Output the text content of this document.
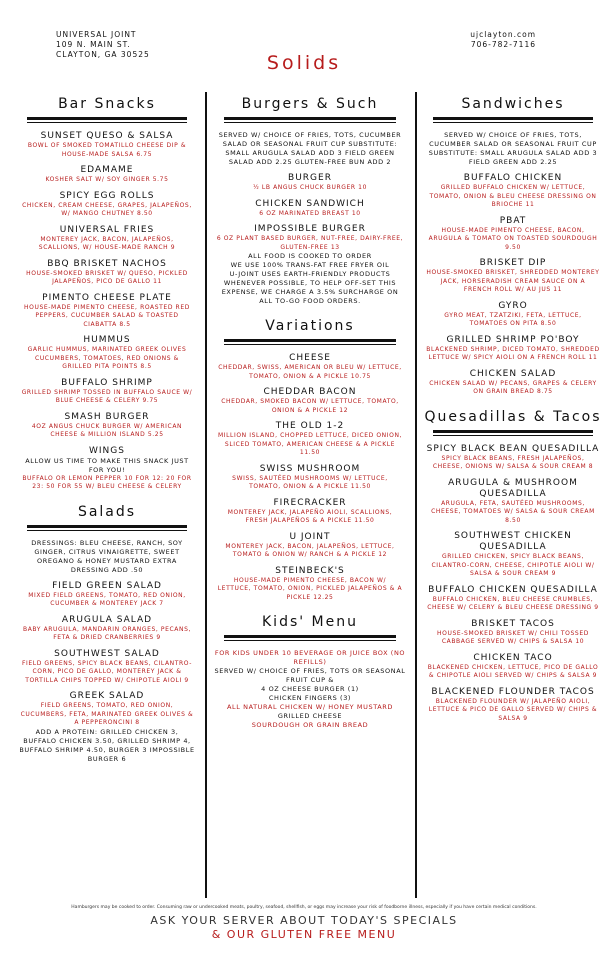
UNIVERSAL JOINT
109 N. MAIN ST.
CLAYTON, GA 30525
ujclayton.com
706-782-7116
Solids
Bar Snacks
SUNSET QUESO & SALSA
BOWL OF SMOKED TOMATILLO CHEESE DIP & HOUSE-MADE SALSA 6.75
EDAMAME
KOSHER SALT W/ SOY GINGER 5.75
SPICY EGG ROLLS
CHICKEN, CREAM CHEESE, GRAPES, JALAPEÑOS, W/ MANGO CHUTNEY 8.50
UNIVERSAL FRIES
MONTEREY JACK, BACON, JALAPEÑOS, SCALLIONS, W/ HOUSE-MADE RANCH 9
BBQ BRISKET NACHOS
HOUSE-SMOKED BRISKET W/ QUESO, PICKLED JALAPEÑOS, PICO DE GALLO 11
PIMENTO CHEESE PLATE
HOUSE-MADE PIMENTO CHEESE, ROASTED RED PEPPERS, CUCUMBER SALAD & TOASTED CIABATTA 8.5
HUMMUS
GARLIC HUMMUS, MARINATED GREEK OLIVES CUCUMBERS, TOMATOES, RED ONIONS & GRILLED PITA POINTS 8.5
BUFFALO SHRIMP
GRILLED SHRIMP TOSSED IN BUFFALO SAUCE W/ BLUE CHEESE & CELERY 9.75
SMASH BURGER
4OZ ANGUS CHUCK BURGER W/ AMERICAN CHEESE & MILLION ISLAND 5.25
WINGS
ALLOW US TIME TO MAKE THIS SNACK JUST FOR YOU!
BUFFALO OR LEMON PEPPER 10 FOR 12: 20 FOR 23: 50 FOR 55 W/ BLEU CHEESE & CELERY
Salads
DRESSINGS: BLEU CHEESE, RANCH, SOY GINGER, CITRUS VINAIGRETTE, SWEET OREGANO & HONEY MUSTARD EXTRA DRESSING ADD .50
FIELD GREEN SALAD
MIXED FIELD GREENS, TOMATO, RED ONION, CUCUMBER & MONTEREY JACK 7
ARUGULA SALAD
BABY ARUGULA, MANDARIN ORANGES, PECANS, FETA & DRIED CRANBERRIES 9
SOUTHWEST SALAD
FIELD GREENS, SPICY BLACK BEANS, CILANTRO-CORN, PICO DE GALLO, MONTEREY JACK & TORTILLA CHIPS TOPPED W/ CHIPOTLE AIOLI 9
GREEK SALAD
FIELD GREENS, TOMATO, RED ONION, CUCUMBERS, FETA, MARINATED GREEK OLIVES & A PEPPERONCINI 8
ADD A PROTEIN: GRILLED CHICKEN 3, BUFFALO CHICKEN 3.50, GRILLED SHRIMP 4, BUFFALO SHRIMP 4.50, BURGER 3 IMPOSSIBLE BURGER 6
Burgers & Such
SERVED W/ CHOICE OF FRIES, TOTS, CUCUMBER SALAD OR SEASONAL FRUIT CUP SUBSTITUTE: SMALL ARUGULA SALAD ADD 3 FIELD GREEN SALAD ADD 2.25 GLUTEN-FREE BUN ADD 2
BURGER
½ LB ANGUS CHUCK BURGER 10
CHICKEN SANDWICH
6 OZ MARINATED BREAST 10
IMPOSSIBLE BURGER
6 OZ PLANT BASED BURGER, NUT-FREE, DAIRY-FREE, GLUTEN-FREE 13
ALL FOOD IS COOKED TO ORDER
WE USE 100% TRANS-FAT FREE FRYER OIL
U-JOINT USES EARTH-FRIENDLY PRODUCTS WHENEVER POSSIBLE, TO HELP OFF-SET THIS EXPENSE, WE CHARGE A 3.5% SURCHARGE ON ALL TO-GO FOOD ORDERS.
Variations
CHEESE
CHEDDAR, SWISS, AMERICAN OR BLEU W/ LETTUCE, TOMATO, ONION & A PICKLE 10.75
CHEDDAR BACON
CHEDDAR, SMOKED BACON W/ LETTUCE, TOMATO, ONION & A PICKLE 12
THE OLD 1-2
MILLION ISLAND, CHOPPED LETTUCE, DICED ONION, SLICED TOMATO, AMERICAN CHEESE & A PICKLE 11.50
SWISS MUSHROOM
SWISS, SAUTÉED MUSHROOMS W/ LETTUCE, TOMATO, ONION & A PICKLE 11.50
FIRECRACKER
MONTEREY JACK, JALAPEÑO AIOLI, SCALLIONS, FRESH JALAPEÑOS & A PICKLE 11.50
U JOINT
MONTEREY JACK, BACON, JALAPEÑOS, LETTUCE, TOMATO & ONION W/ RANCH & A PICKLE 12
STEINBECK'S
HOUSE-MADE PIMENTO CHEESE, BACON W/ LETTUCE, TOMATO, ONION, PICKLED JALAPEÑOS & A PICKLE 12.25
Kids' Menu
FOR KIDS UNDER 10 BEVERAGE OR JUICE BOX (NO REFILLS)
SERVED W/ CHOICE OF FRIES, TOTS OR SEASONAL FRUIT CUP &
4 OZ CHEESE BURGER (1)
CHICKEN FINGERS (3)
ALL NATURAL CHICKEN W/ HONEY MUSTARD
GRILLED CHEESE
SOURDOUGH OR GRAIN BREAD
Sandwiches
SERVED W/ CHOICE OF FRIES, TOTS, CUCUMBER SALAD OR SEASONAL FRUIT CUP SUBSTITUTE: SMALL ARUGULA SALAD ADD 3 FIELD GREEN ADD 2.25
BUFFALO CHICKEN
GRILLED BUFFALO CHICKEN W/ LETTUCE, TOMATO, ONION & BLEU CHEESE DRESSING ON BRIOCHE 11
PBAT
HOUSE-MADE PIMENTO CHEESE, BACON, ARUGULA & TOMATO ON TOASTED SOURDOUGH 9.50
BRISKET DIP
HOUSE-SMOKED BRISKET, SHREDDED MONTEREY JACK, HORSERADISH CREAM SAUCE ON A FRENCH ROLL W/ AU JUS 11
GYRO
GYRO MEAT, TZATZIKI, FETA, LETTUCE, TOMATOES ON PITA 8.50
GRILLED SHRIMP PO'BOY
BLACKENED SHRIMP, DICED TOMATO, SHREDDED LETTUCE W/ SPICY AIOLI ON A FRENCH ROLL 11
CHICKEN SALAD
CHICKEN SALAD W/ PECANS, GRAPES & CELERY ON GRAIN BREAD 8.75
Quesadillas & Tacos
SPICY BLACK BEAN QUESADILLA
SPICY BLACK BEANS, FRESH JALAPEÑOS, CHEESE, ONIONS W/ SALSA & SOUR CREAM 8
ARUGULA & MUSHROOM QUESADILLA
ARUGULA, FETA, SAUTÉED MUSHROOMS, CHEESE, TOMATOES W/ SALSA & SOUR CREAM 8.50
SOUTHWEST CHICKEN QUESADILLA
GRILLED CHICKEN, SPICY BLACK BEANS, CILANTRO-CORN, CHEESE, CHIPOTLE AIOLI W/ SALSA & SOUR CREAM 9
BUFFALO CHICKEN QUESADILLA
BUFFALO CHICKEN, BLEU CHEESE CRUMBLES, CHEESE W/ CELERY & BLEU CHEESE DRESSING 9
BRISKET TACOS
HOUSE-SMOKED BRISKET W/ CHILI TOSSED CABBAGE SERVED W/ CHIPS & SALSA 10
CHICKEN TACO
BLACKENED CHICKEN, LETTUCE, PICO DE GALLO & CHIPOTLE AIOLI SERVED W/ CHIPS & SALSA 9
BLACKENED FLOUNDER TACOS
BLACKENED FLOUNDER W/ JALAPEÑO AIOLI, LETTUCE & PICO DE GALLO SERVED W/ CHIPS & SALSA 9
Hamburgers may be cooked to order. Consuming raw or undercooked meats, poultry, seafood, shellfish, or eggs may increase your risk of foodborne illness, especially if you have certain medical conditions.
ASK YOUR SERVER ABOUT TODAY'S SPECIALS
& OUR GLUTEN FREE MENU
